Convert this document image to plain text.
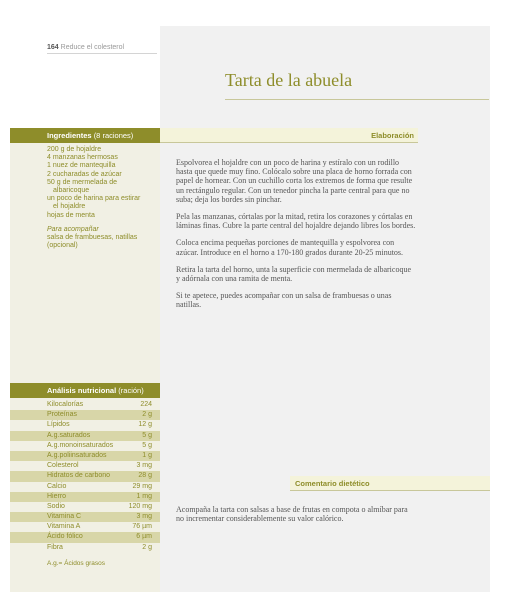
164 Reduce el colesterol
Tarta de la abuela
Ingredientes (8 raciones)
200 g de hojaldre
4 manzanas hermosas
1 nuez de mantequilla
2 cucharadas de azúcar
50 g de mermelada de
albaricoque
un poco de harina para estirar
el hojaldre
hojas de menta
Para acompañar
salsa de frambuesas, natillas
(opcional)
Elaboración

Espolvorea el hojaldre con un poco de harina y estíralo con un rodillo hasta que quede muy fino. Colócalo sobre una placa de horno forrada con papel de hornear. Con un cuchillo corta los extremos de forma que resulte un rectángulo regular. Con un tenedor pincha la parte central para que no suba; deja los bordes sin pinchar.

Pela las manzanas, córtalas por la mitad, retira los corazones y córtalas en láminas finas. Cubre la parte central del hojaldre dejando libres los bordes.

Coloca encima pequeñas porciones de mantequilla y espolvorea con azúcar. Introduce en el horno a 170-180 grados durante 20-25 minutos.

Retira la tarta del horno, unta la superficie con mermelada de albaricoque y adórnala con una ramita de menta.

Si te apetece, puedes acompañar con un salsa de frambuesas o unas natillas.

Análisis nutricional (ración)
Kilocalorías	224
Proteínas	2 g
Lípidos	12 g
A.g.saturados	5 g
A.g.monoinsaturados	5 g
A.g.poliinsaturados	1 g
Colesterol	3 mg
Hidratos de carbono	28 g
Calcio	29 mg
Hierro	1 mg
Sodio	120 mg
Vitamina C	3 mg
Vitamina A	76 µm
Ácido fólico	6 µm
Fibra	2 g
A.g.= Ácidos grasos
Comentario dietético
Acompaña la tarta con salsas a base de frutas en compota o almíbar para no incrementar considerablemente su valor calórico.
